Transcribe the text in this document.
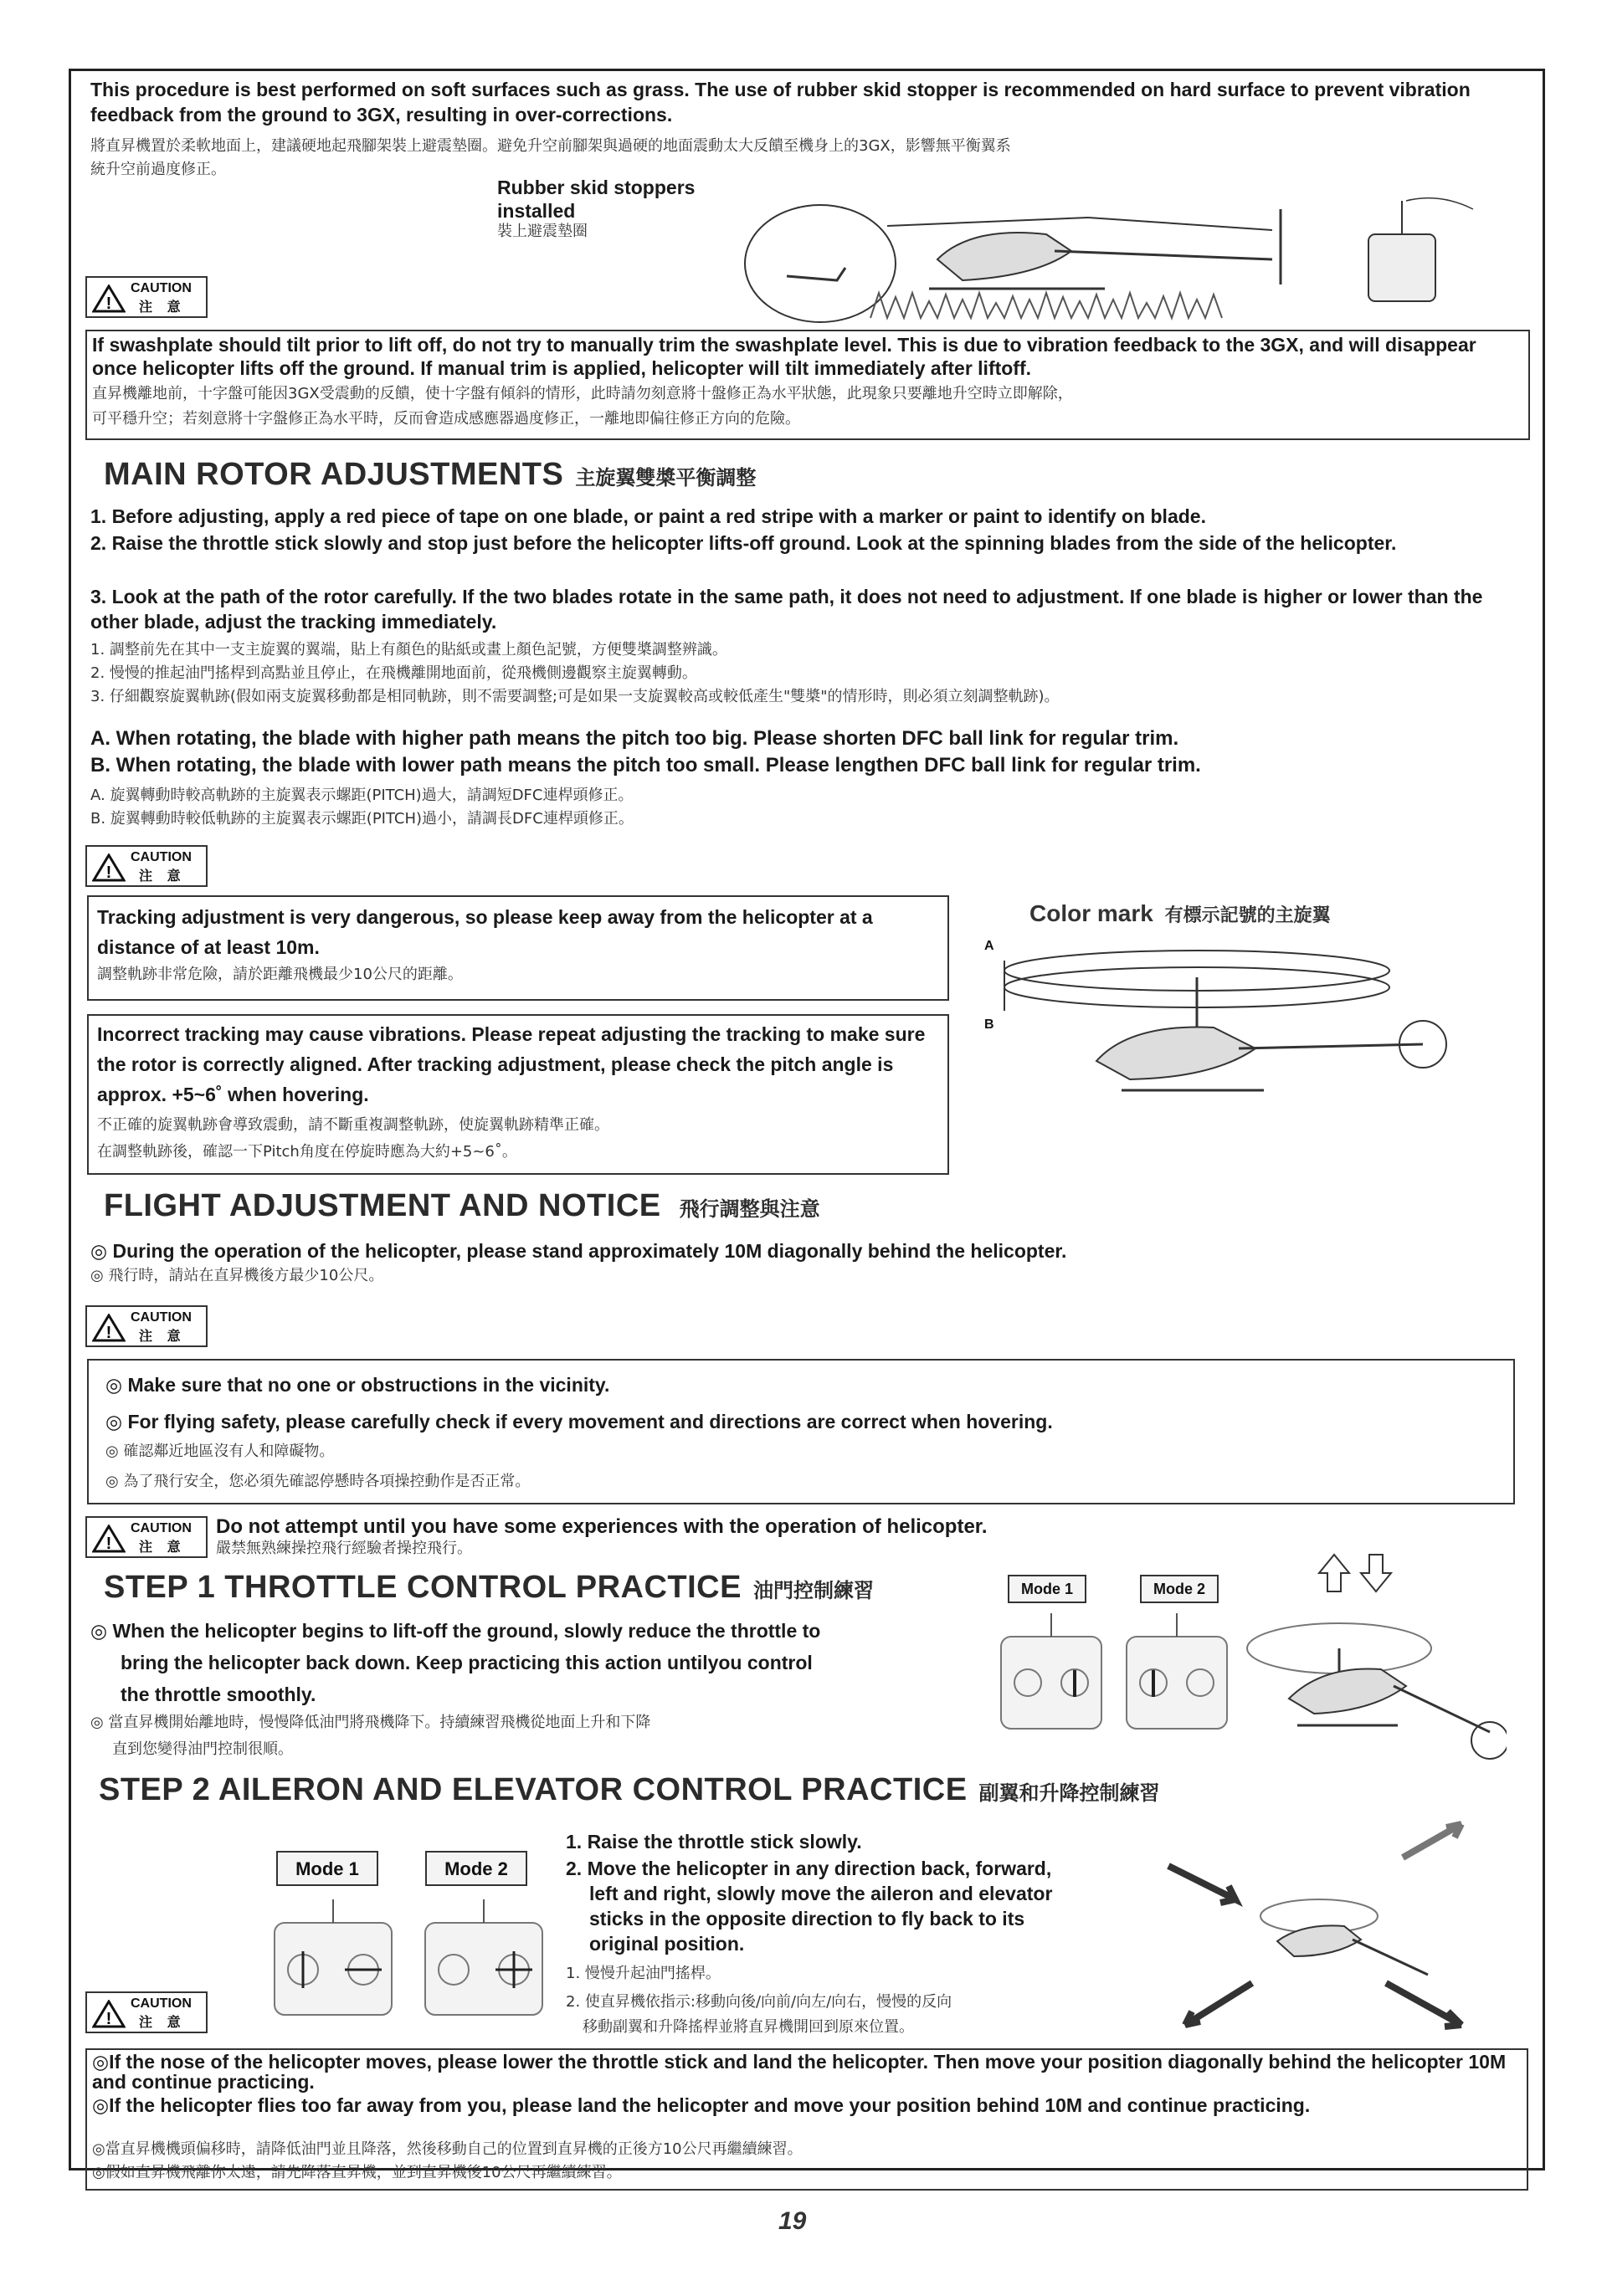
This procedure is best performed on soft surfaces such as grass. The use of rubber skid stopper is recommended on hard surface to prevent vibration feedback from the ground to 3GX, resulting in over-corrections.
將直昇機置於柔軟地面上，建議硬地起飛腳架裝上避震墊圈。避免升空前腳架與過硬的地面震動太大反饋至機身上的3GX，影響無平衡翼系
統升空前過度修正。
Rubber skid stoppers installed
裝上避震墊圈
!
CAUTION
注 意
If swashplate should tilt prior to lift off, do not try to manually trim the swashplate level. This is due to vibration feedback to the 3GX, and will disappear once helicopter lifts off the ground. If manual trim is applied, helicopter will tilt immediately after liftoff.
直昇機離地前，十字盤可能因3GX受震動的反饋，使十字盤有傾斜的情形，此時請勿刻意將十盤修正為水平狀態，此現象只要離地升空時立即解除，
可平穩升空；若刻意將十字盤修正為水平時，反而會造成感應器過度修正，一離地即偏往修正方向的危險。
MAIN ROTOR ADJUSTMENTS 主旋翼雙槳平衡調整
1. Before adjusting, apply a red piece of tape on one blade, or paint a red stripe with a marker or paint to identify on blade.
2. Raise the throttle stick slowly and stop just before the helicopter lifts-off ground. Look at the spinning blades from the side of the helicopter.
3. Look at the path of the rotor carefully. If the two blades rotate in the same path, it does not need to adjustment. If one blade is higher or lower than the other blade, adjust the tracking immediately.
1. 調整前先在其中一支主旋翼的翼端，貼上有顏色的貼紙或畫上顏色記號，方便雙槳調整辨識。
2. 慢慢的推起油門搖桿到高點並且停止，在飛機離開地面前，從飛機側邊觀察主旋翼轉動。
3. 仔細觀察旋翼軌跡(假如兩支旋翼移動都是相同軌跡，則不需要調整;可是如果一支旋翼較高或較低產生"雙槳"的情形時，則必須立刻調整軌跡)。
A. When rotating, the blade with higher path means the pitch too big. Please shorten DFC ball link for regular trim.
B. When rotating, the blade with lower path means the pitch too small. Please lengthen DFC ball link for regular trim.
A. 旋翼轉動時較高軌跡的主旋翼表示螺距(PITCH)過大，請調短DFC連桿頭修正。
B. 旋翼轉動時較低軌跡的主旋翼表示螺距(PITCH)過小，請調長DFC連桿頭修正。
!
CAUTION
注 意
Tracking adjustment is very dangerous, so please keep away from the helicopter at a distance of at least 10m.
調整軌跡非常危險，請於距離飛機最少10公尺的距離。
Incorrect tracking may cause vibrations. Please repeat adjusting the tracking to make sure the rotor is correctly aligned. After tracking adjustment, please check the pitch angle is approx. +5~6˚ when hovering.
不正確的旋翼軌跡會導致震動，請不斷重複調整軌跡，使旋翼軌跡精準正確。
在調整軌跡後，確認一下Pitch角度在停旋時應為大約+5~6˚。
Color mark 有標示記號的主旋翼
A
B
FLIGHT ADJUSTMENT AND NOTICE 飛行調整與注意
◎ During the operation of the helicopter, please stand approximately 10M diagonally behind the helicopter.
◎ 飛行時，請站在直昇機後方最少10公尺。
!
CAUTION
注 意
◎ Make sure that no one or obstructions in the vicinity.
◎ For flying safety, please carefully check if every movement and directions are correct when hovering.
◎ 確認鄰近地區沒有人和障礙物。
◎ 為了飛行安全，您必須先確認停懸時各項操控動作是否正常。
!
CAUTION
注 意
Do not attempt until you have some experiences with the operation of helicopter.
嚴禁無熟練操控飛行經驗者操控飛行。
STEP 1 THROTTLE CONTROL PRACTICE 油門控制練習
◎ When the helicopter begins to lift-off the ground, slowly reduce the throttle to
bring the helicopter back down. Keep practicing this action untilyou control
the throttle smoothly.
◎ 當直昇機開始離地時，慢慢降低油門將飛機降下。持續練習飛機從地面上升和下降
直到您變得油門控制很順。
Mode 1	Mode 2
STEP 2 AILERON AND ELEVATOR CONTROL PRACTICE 副翼和升降控制練習
1. Raise the throttle stick slowly.
2. Move the helicopter in any direction back, forward,
left and right, slowly move the aileron and elevator
sticks in the opposite direction to fly back to its
original position.
1. 慢慢升起油門搖桿。
2. 使直昇機依指示:移動向後/向前/向左/向右，慢慢的反向
移動副翼和升降搖桿並將直昇機開回到原來位置。
Mode 1	Mode 2
!
CAUTION
注 意
◎If the nose of the helicopter moves, please lower the throttle stick and land the helicopter. Then move your position diagonally behind the helicopter 10M and continue practicing.
◎If the helicopter flies too far away from you, please land the helicopter and move your position behind 10M and continue practicing.
◎當直昇機機頭偏移時，請降低油門並且降落，然後移動自己的位置到直昇機的正後方10公尺再繼續練習。
◎假如直昇機飛離你太遠，請先降落直昇機，並到直昇機後10公尺再繼續練習。
19
